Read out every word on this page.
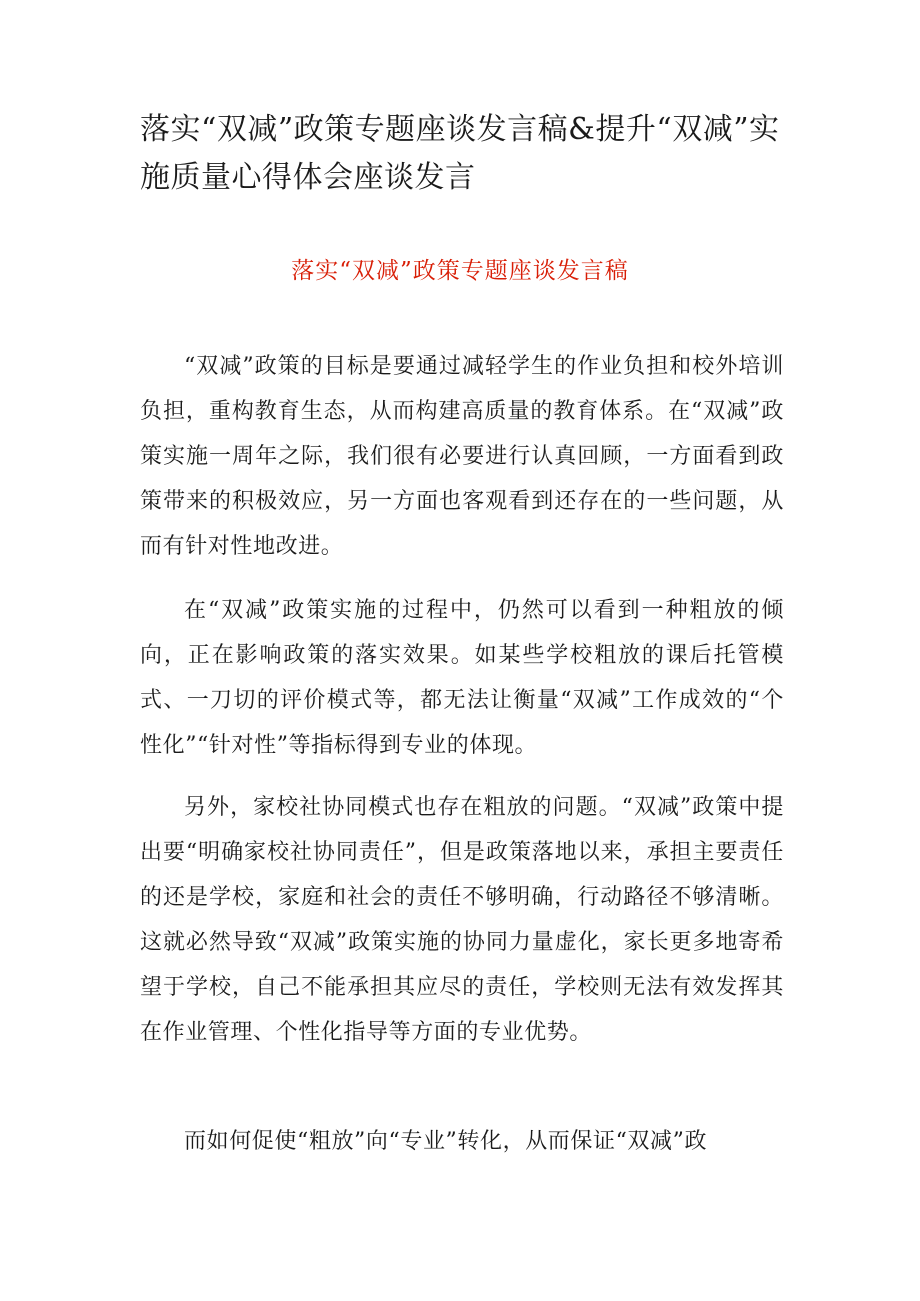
落实“双减”政策专题座谈发言稿&提升“双减”实施质量心得体会座谈发言
落实“双减”政策专题座谈发言稿

“双减”政策的目标是要通过减轻学生的作业负担和校外培训负担，重构教育生态，从而构建高质量的教育体系。在“双减”政策实施一周年之际，我们很有必要进行认真回顾，一方面看到政策带来的积极效应，另一方面也客观看到还存在的一些问题，从而有针对性地改进。

在“双减”政策实施的过程中，仍然可以看到一种粗放的倾向，正在影响政策的落实效果。如某些学校粗放的课后托管模式、一刀切的评价模式等，都无法让衡量“双减”工作成效的“个性化”“针对性”等指标得到专业的体现。

另外，家校社协同模式也存在粗放的问题。“双减”政策中提出要“明确家校社协同责任”，但是政策落地以来，承担主要责任的还是学校，家庭和社会的责任不够明确，行动路径不够清晰。这就必然导致“双减”政策实施的协同力量虚化，家长更多地寄希望于学校，自己不能承担其应尽的责任，学校则无法有效发挥其在作业管理、个性化指导等方面的专业优势。

而如何促使“粗放”向“专业”转化，从而保证“双减”政
